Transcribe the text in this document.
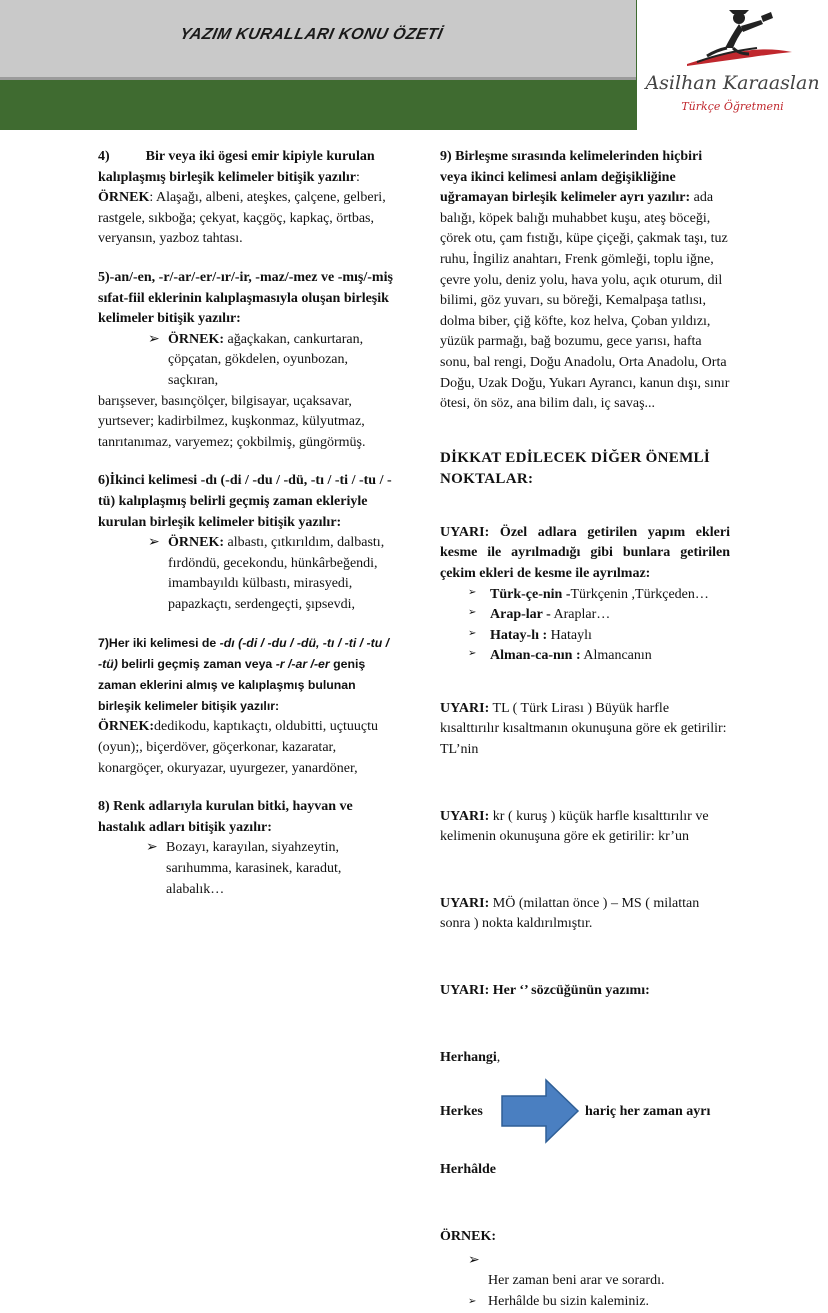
YAZIM KURALLARI KONU ÖZETİ
Asilhan Karaaslan
Türkçe Öğretmeni

4)	Bir veya iki ögesi emir kipiyle kurulan kalıplaşmış birleşik kelimeler bitişik yazılır:

ÖRNEK: Alaşağı, albeni, ateşkes, çalçene, gelberi, rastgele, sıkboğa; çekyat, kaçgöç, kapkaç, örtbas, veryansın, yazboz tahtası.

5)-an/-en, -r/-ar/-er/-ır/-ir, -maz/-mez ve -mış/-miş sıfat-fiil eklerinin kalıplaşmasıyla oluşan birleşik kelimeler bitişik yazılır:

➢ ÖRNEK: ağaçkakan, cankurtaran, çöpçatan, gökdelen, oyunbozan, saçkıran,

barışsever, basınçölçer, bilgisayar, uçaksavar, yurtsever; kadirbilmez, kuşkonmaz, külyutmaz, tanrıtanımaz, varyemez; çokbilmiş, güngörmüş.

6)İkinci kelimesi -dı (-di / -du / -dü, -tı / -ti / -tu / -tü) kalıplaşmış belirli geçmiş zaman ekleriyle kurulan birleşik kelimeler bitişik yazılır:

➢ ÖRNEK: albastı, çıtkırıldım, dalbastı, fırdöndü, gecekondu, hünkârbeğendi, imambayıldı külbastı, mirasyedi, papazkaçtı, serdengeçti, şıpsevdi,

7)Her iki kelimesi de -dı (-di / -du / -dü, -tı / -ti / -tu / -tü) belirli geçmiş zaman veya -r /-ar /-er geniş zaman eklerini almış ve kalıplaşmış bulunan birleşik kelimeler bitişik yazılır:

ÖRNEK:dedikodu, kaptıkaçtı, oldubitti, uçtuuçtu (oyun);, biçerdöver, göçerkonar, kazaratar, konargöçer, okuryazar, uyurgezer, yanardöner,

8) Renk adlarıyla kurulan bitki, hayvan ve hastalık adları bitişik yazılır:

➢ Bozayı, karayılan, siyahzeytin, sarıhumma, karasinek, karadut, alabalık…

9) Birleşme sırasında kelimelerinden hiçbiri veya ikinci kelimesi anlam değişikliğine uğramayan birleşik kelimeler ayrı yazılır: ada balığı, köpek balığı muhabbet kuşu, ateş böceği, çörek otu, çam fıstığı, küpe çiçeği, çakmak taşı, tuz ruhu, İngiliz anahtarı, Frenk gömleği, toplu iğne, çevre yolu, deniz yolu, hava yolu, açık oturum, dil bilimi, göz yuvarı, su böreği, Kemalpaşa tatlısı, dolma biber, çiğ köfte, koz helva, Çoban yıldızı, yüzük parmağı, bağ bozumu, gece yarısı, hafta sonu, bal rengi, Doğu Anadolu, Orta Anadolu, Orta Doğu, Uzak Doğu, Yukarı Ayrancı, kanun dışı, sınır ötesi, ön söz, ana bilim dalı, iç savaş...

DİKKAT EDİLECEK DİĞER ÖNEMLİ NOKTALAR:

UYARI: Özel adlara getirilen yapım ekleri kesme ile ayrılmadığı gibi bunlara getirilen çekim ekleri de kesme ile ayrılmaz:

➢ Türk-çe-nin -Türkçenin ,Türkçeden…
➢ Arap-lar - Araplar…
➢ Hatay-lı : Hataylı
➢ Alman-ca-nın : Almancanın

UYARI: TL ( Türk Lirası ) Büyük harfle kısalttırılır kısaltmanın okunuşuna göre ek getirilir: TL’nin

UYARI: kr ( kuruş ) küçük harfle kısalttırılır ve kelimenin okunuşuna göre ek getirilir: kr’un

UYARI: MÖ (milattan önce ) – MS ( milattan sonra ) nokta kaldırılmıştır.

UYARI: Her ‘’ sözcüğünün yazımı:

Herhangi,

Herkes	hariç her zaman ayrı

Herhâlde

ÖRNEK:

➢
Her zaman beni arar ve sorardı.
➢ Herhâlde bu sizin kaleminiz.
